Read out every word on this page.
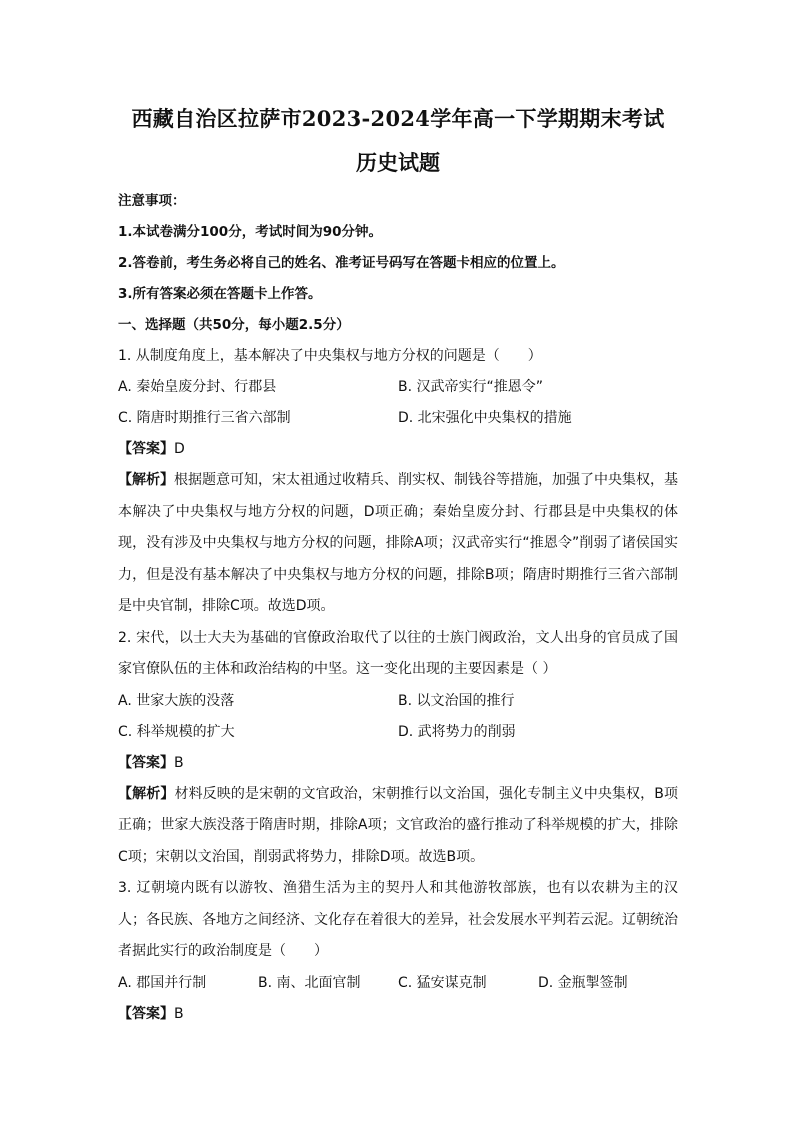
西藏自治区拉萨市2023-2024学年高一下学期期末考试
历史试题
注意事项：
1.本试卷满分100分，考试时间为90分钟。
2.答卷前，考生务必将自己的姓名、准考证号码写在答题卡相应的位置上。
3.所有答案必须在答题卡上作答。
一、选择题（共50分，每小题2.5分）
1. 从制度角度上，基本解决了中央集权与地方分权的问题是（　　）
A. 秦始皇废分封、行郡县	B. 汉武帝实行“推恩令”
C. 隋唐时期推行三省六部制	D. 北宋强化中央集权的措施
【答案】D
【解析】根据题意可知，宋太祖通过收精兵、削实权、制钱谷等措施，加强了中央集权，基本解决了中央集权与地方分权的问题，D项正确；秦始皇废分封、行郡县是中央集权的体现，没有涉及中央集权与地方分权的问题，排除A项；汉武帝实行“推恩令”削弱了诸侯国实力，但是没有基本解决了中央集权与地方分权的问题，排除B项；隋唐时期推行三省六部制是中央官制，排除C项。故选D项。
2. 宋代，以士大夫为基础的官僚政治取代了以往的士族门阀政治，文人出身的官员成了国家官僚队伍的主体和政治结构的中坚。这一变化出现的主要因素是（ ）
A. 世家大族的没落	B. 以文治国的推行
C. 科举规模的扩大	D. 武将势力的削弱
【答案】B
【解析】材料反映的是宋朝的文官政治，宋朝推行以文治国，强化专制主义中央集权，B项正确；世家大族没落于隋唐时期，排除A项；文官政治的盛行推动了科举规模的扩大，排除C项；宋朝以文治国，削弱武将势力，排除D项。故选B项。
3. 辽朝境内既有以游牧、渔猎生活为主的契丹人和其他游牧部族，也有以农耕为主的汉人；各民族、各地方之间经济、文化存在着很大的差异，社会发展水平判若云泥。辽朝统治者据此实行的政治制度是（　　）
A. 郡国并行制	B. 南、北面官制	C. 猛安谋克制	D. 金瓶掣签制
【答案】B
